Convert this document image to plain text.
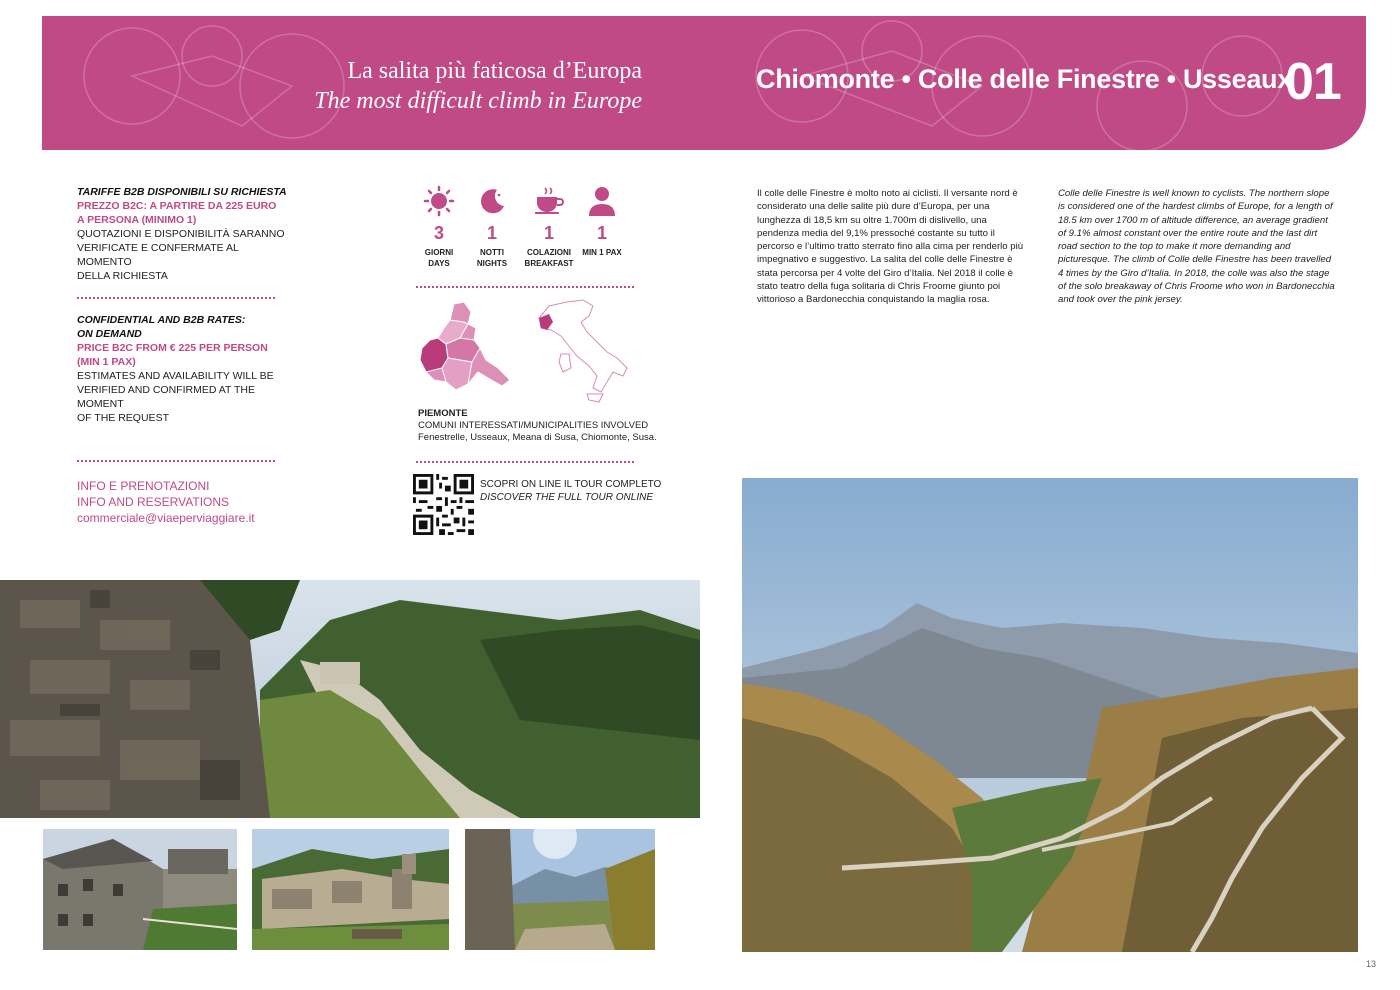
La salita più faticosa d’Europa
The most difficult climb in Europe
Chiomonte • Colle delle Finestre • Usseaux
01
TARIFFE B2B DISPONIBILI SU RICHIESTA
PREZZO B2C: A PARTIRE DA 225 EURO
A PERSONA (MINIMO 1)
QUOTAZIONI E DISPONIBILITÀ SARANNO
VERIFICATE E CONFERMATE AL MOMENTO
DELLA RICHIESTA
CONFIDENTIAL AND B2B RATES:
ON DEMAND
PRICE B2C FROM € 225 PER PERSON
(MIN 1 PAX)
ESTIMATES AND AVAILABILITY WILL BE
VERIFIED AND CONFIRMED AT THE MOMENT
OF THE REQUEST
INFO E PRENOTAZIONI
INFO AND RESERVATIONS
commerciale@viaeperviaggiare.it
3
GIORNI
DAYS
1
NOTTI
NIGHTS
1
COLAZIONI
BREAKFAST
1
MIN 1 PAX
PIEMONTE
COMUNI INTERESSATI/MUNICIPALITIES INVOLVED
Fenestrelle, Usseaux, Meana di Susa, Chiomonte, Susa.
SCOPRI ON LINE IL TOUR COMPLETO
DISCOVER THE FULL TOUR ONLINE
Il colle delle Finestre è molto noto ai ciclisti. Il versante nord è considerato una delle salite più dure d’Europa, per una lunghezza di 18,5 km su oltre 1.700m di dislivello, una pendenza media del 9,1% pressoché costante su tutto il percorso e l’ultimo tratto sterrato fino alla cima per renderlo più impegnativo e suggestivo. La salita del colle delle Finestre è stata percorsa per 4 volte del Giro d’Italia. Nel 2018 il colle è stato teatro della fuga solitaria di Chris Froome giunto poi vittorioso a Bardonecchia conquistando la maglia rosa.
Colle delle Finestre is well known to cyclists. The northern slope is considered one of the hardest climbs of Europe, for a length of 18.5 km over 1700 m of altitude difference, an average gradient of 9.1% almost constant over the entire route and the last dirt road section to the top to make it more demanding and picturesque. The climb of Colle delle Finestre has been travelled 4 times by the Giro d’Italia. In 2018, the colle was also the stage of the solo breakaway of Chris Froome who won in Bardonecchia and took over the pink jersey.
13
